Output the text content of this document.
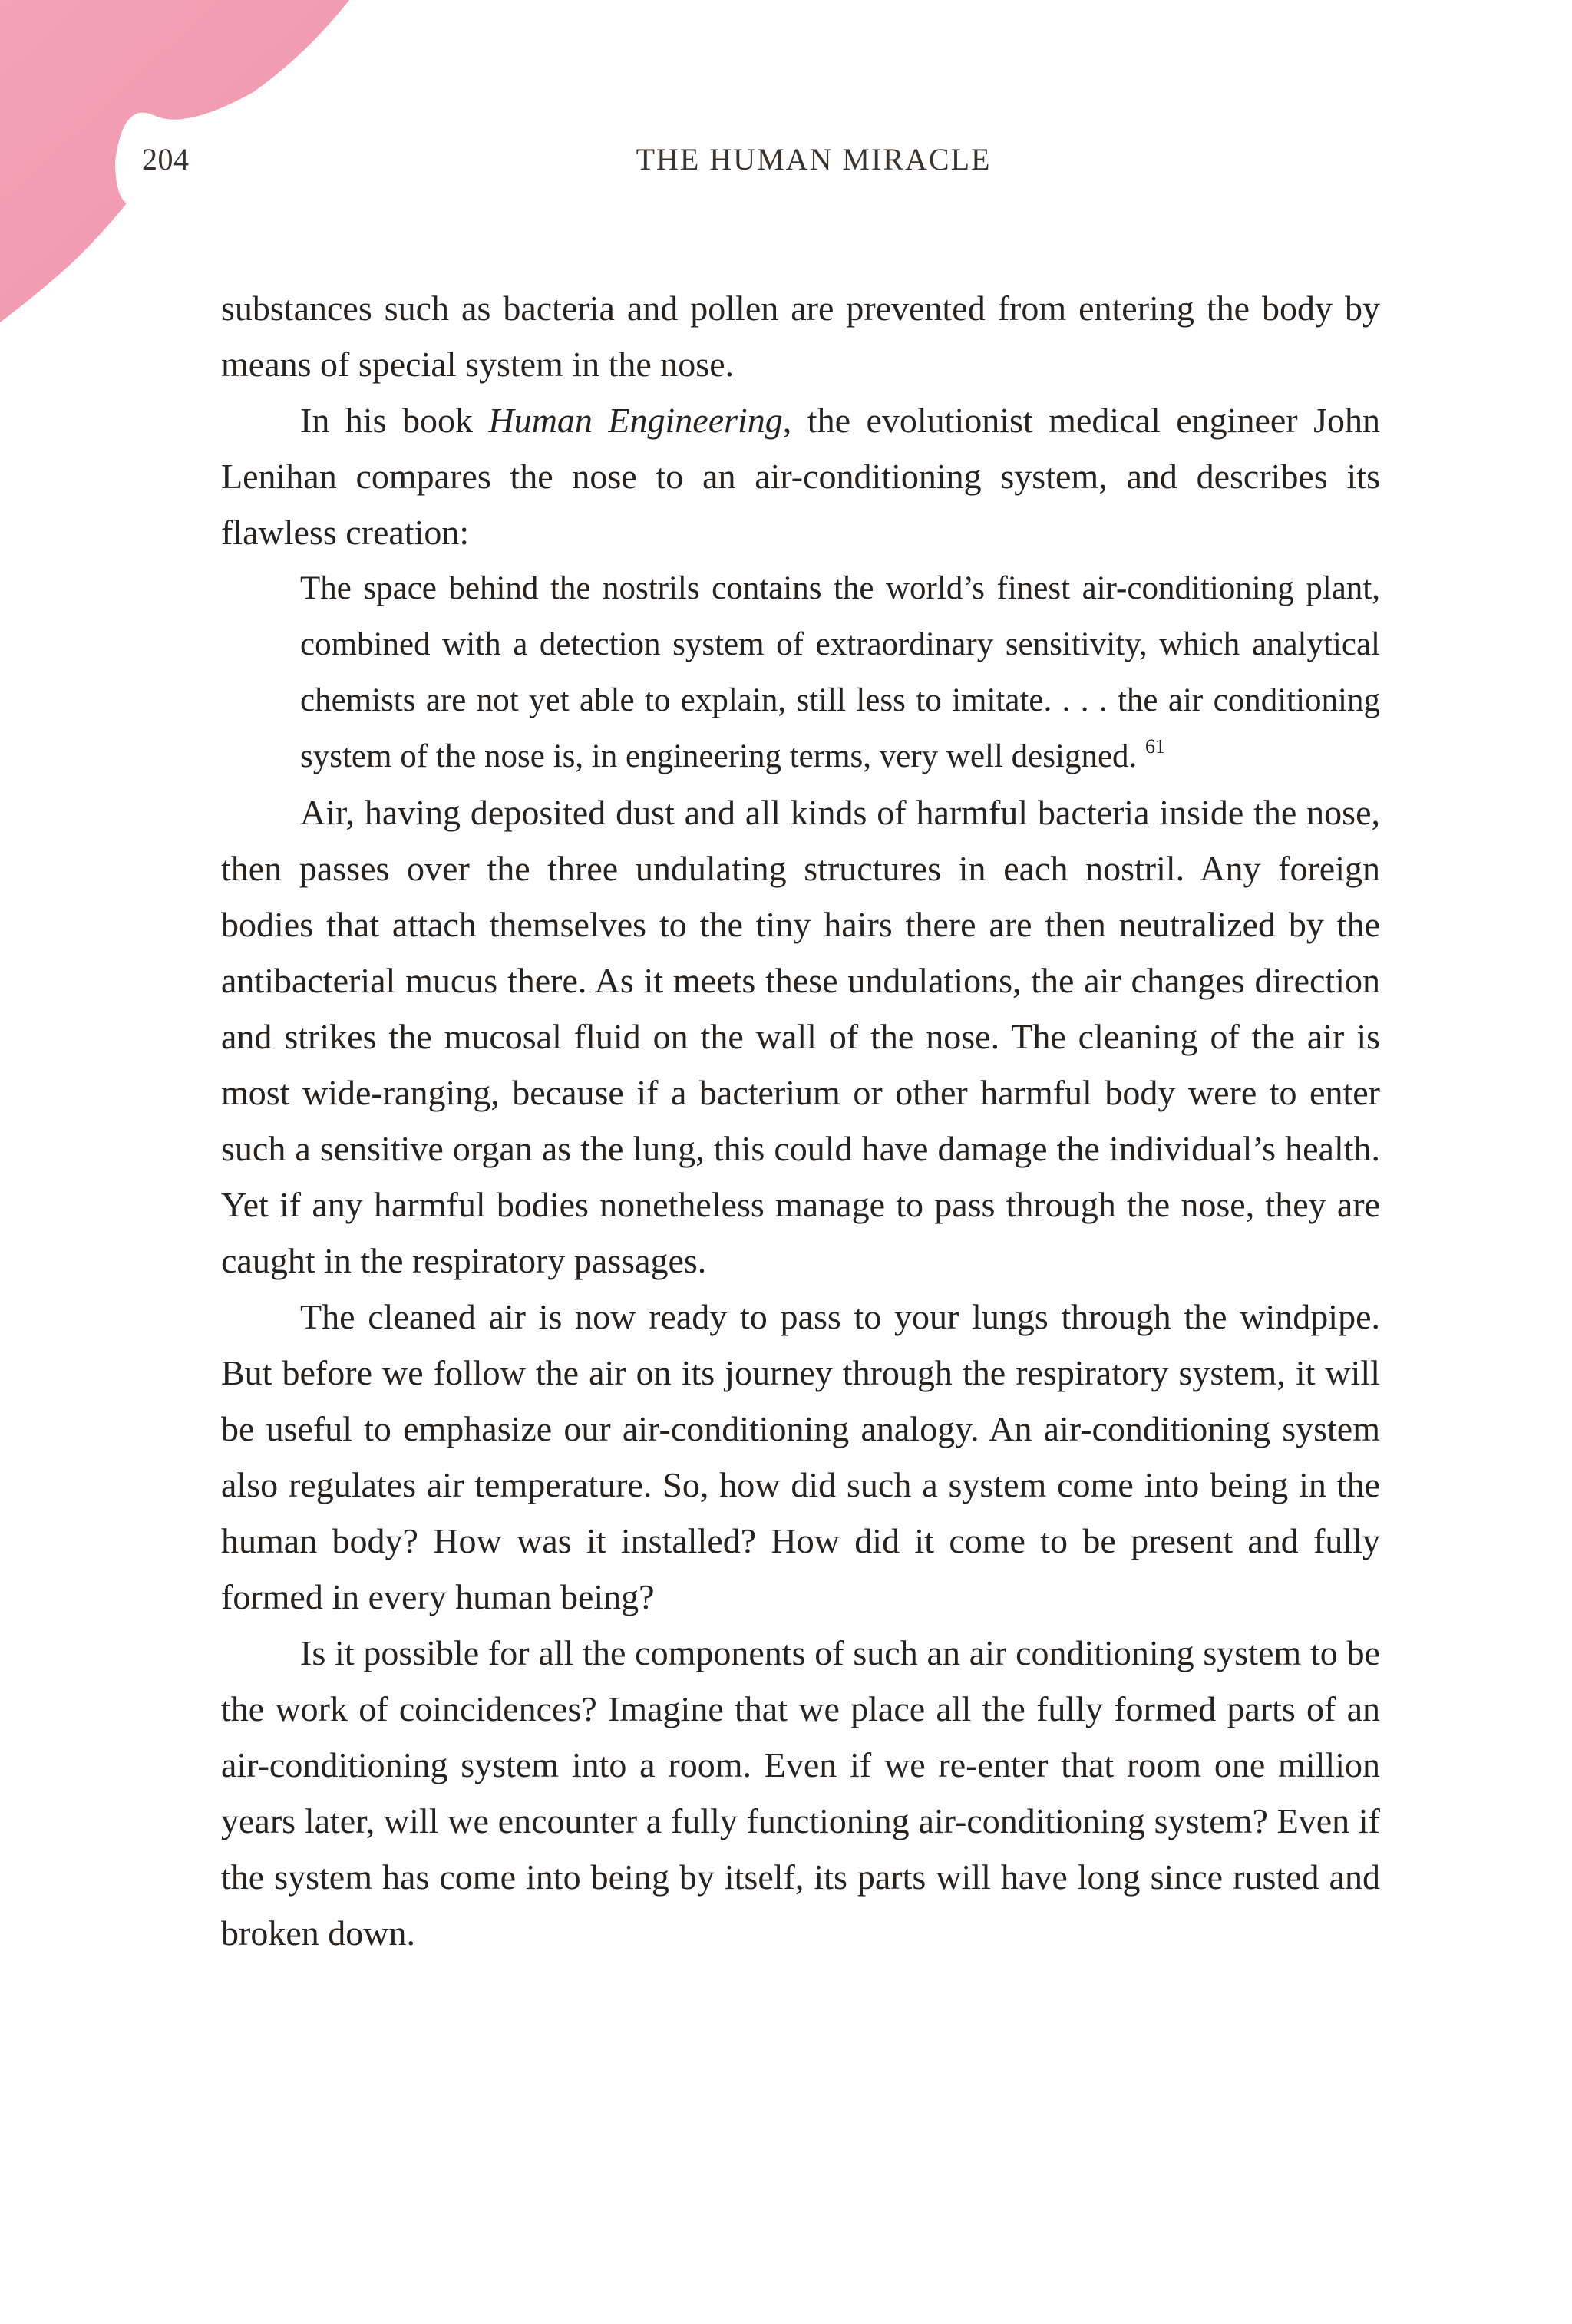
204	THE HUMAN MIRACLE

substances such as bacteria and pollen are prevented from entering the body by means of special system in the nose.

In his book Human Engineering, the evolutionist medical engineer John Lenihan compares the nose to an air-conditioning system, and describes its flawless creation:

The space behind the nostrils contains the world’s finest air-conditioning plant, combined with a detection system of extraordinary sensitivity, which analytical chemists are not yet able to explain, still less to imitate. . . . the air conditioning system of the nose is, in engineering terms, very well designed. $^{61}$

Air, having deposited dust and all kinds of harmful bacteria inside the nose, then passes over the three undulating structures in each nostril. Any foreign bodies that attach themselves to the tiny hairs there are then neutralized by the antibacterial mucus there. As it meets these undulations, the air changes direction and strikes the mucosal fluid on the wall of the nose. The cleaning of the air is most wide-ranging, because if a bacterium or other harmful body were to enter such a sensitive organ as the lung, this could have damage the individual’s health. Yet if any harmful bodies nonetheless manage to pass through the nose, they are caught in the respiratory passages.

The cleaned air is now ready to pass to your lungs through the windpipe. But before we follow the air on its journey through the respiratory system, it will be useful to emphasize our air-conditioning analogy. An air-conditioning system also regulates air temperature. So, how did such a system come into being in the human body? How was it installed? How did it come to be present and fully formed in every human being?

Is it possible for all the components of such an air conditioning system to be the work of coincidences? Imagine that we place all the fully formed parts of an air-conditioning system into a room. Even if we re-enter that room one million years later, will we encounter a fully functioning air-conditioning system? Even if the system has come into being by itself, its parts will have long since rusted and broken down.
